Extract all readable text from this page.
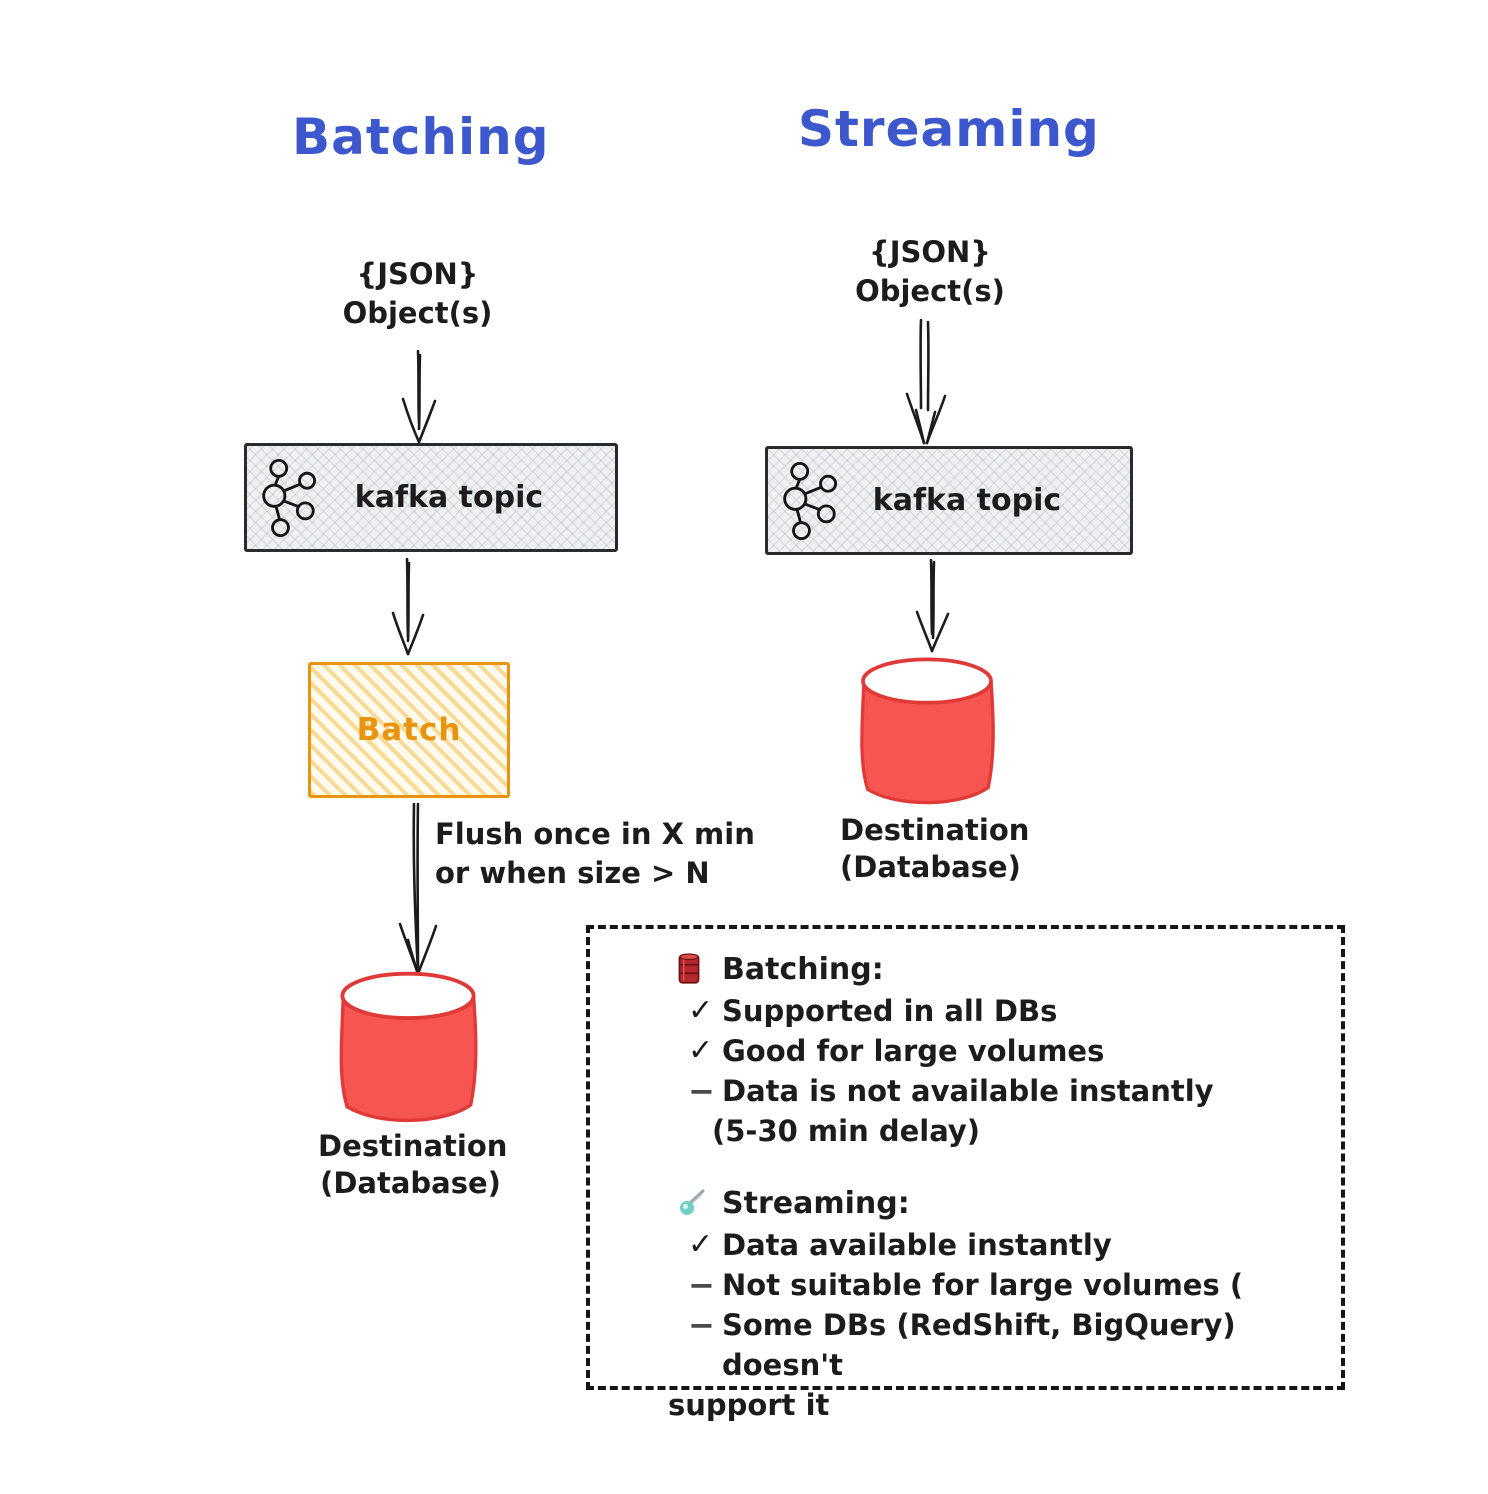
Batching	Streaming
{JSON}
Object(s)
{JSON}
Object(s)
kafka topic	kafka topic
Batch
Flush once in X min
or when size > N
Destination
(Database)
Destination
(Database)
Batching:
✓ Supported in all DBs
✓ Good for large volumes
− Data is not available instantly
(5-30 min delay)
Streaming:
✓ Data available instantly
− Not suitable for large volumes (
− Some DBs (RedShift, BigQuery) doesn't
support it
